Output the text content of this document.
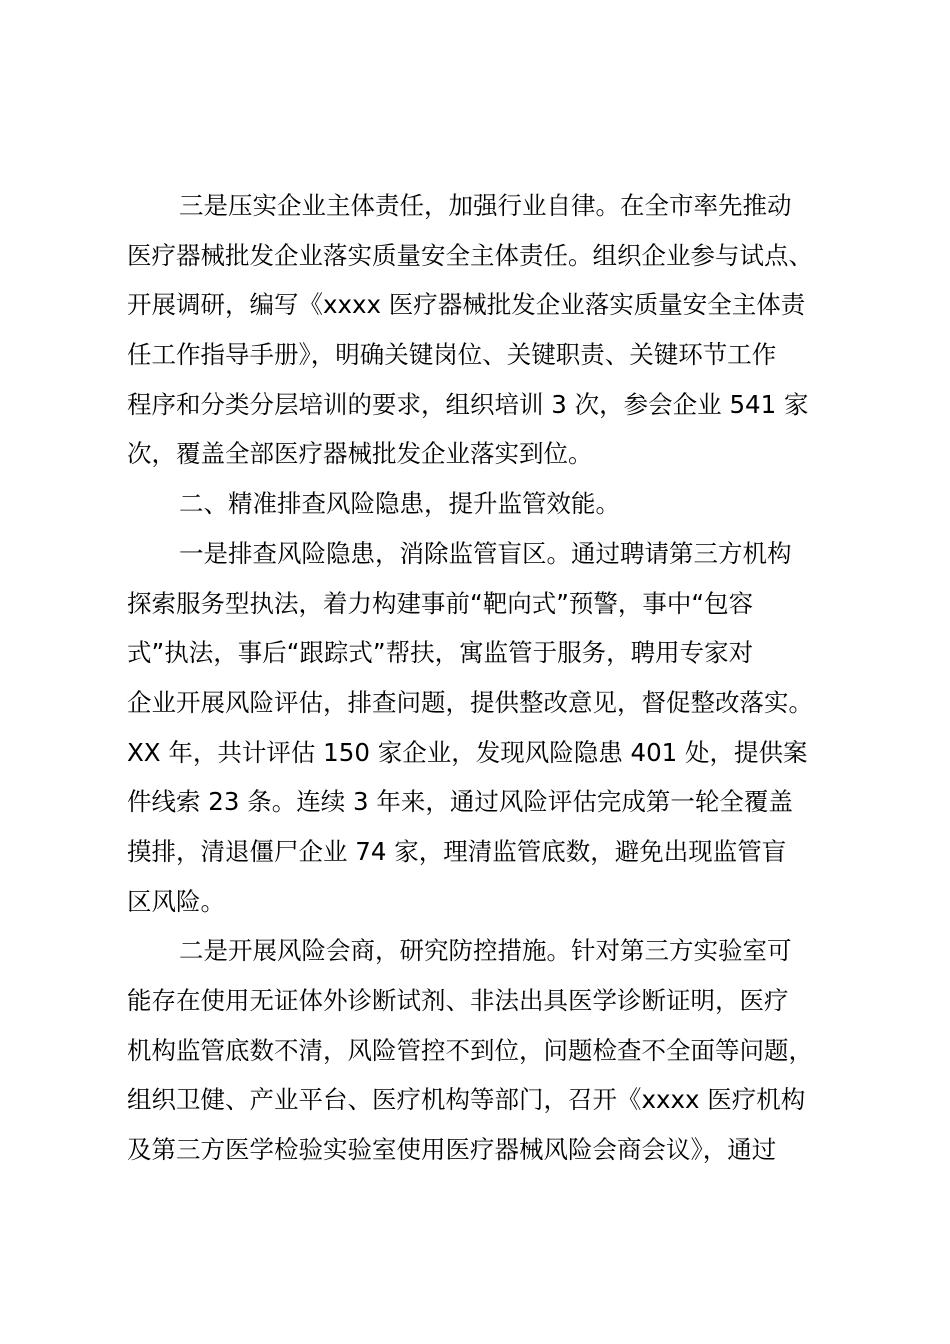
三是压实企业主体责任，加强行业自律。在全市率先推动
医疗器械批发企业落实质量安全主体责任。组织企业参与试点、
开展调研，编写《xxxx 医疗器械批发企业落实质量安全主体责
任工作指导手册》，明确关键岗位、关键职责、关键环节工作
程序和分类分层培训的要求，组织培训 3 次，参会企业 541 家
次，覆盖全部医疗器械批发企业落实到位。
二、精准排查风险隐患，提升监管效能。
一是排查风险隐患，消除监管盲区。通过聘请第三方机构
探索服务型执法，着力构建事前“靶向式”预警，事中“包容
式”执法，事后“跟踪式”帮扶，寓监管于服务，聘用专家对
企业开展风险评估，排查问题，提供整改意见，督促整改落实。
XX 年，共计评估 150 家企业，发现风险隐患 401 处，提供案
件线索 23 条。连续 3 年来，通过风险评估完成第一轮全覆盖
摸排，清退僵尸企业 74 家，理清监管底数，避免出现监管盲
区风险。
二是开展风险会商，研究防控措施。针对第三方实验室可
能存在使用无证体外诊断试剂、非法出具医学诊断证明，医疗
机构监管底数不清，风险管控不到位，问题检查不全面等问题，
组织卫健、产业平台、医疗机构等部门，召开《xxxx 医疗机构
及第三方医学检验实验室使用医疗器械风险会商会议》，通过
